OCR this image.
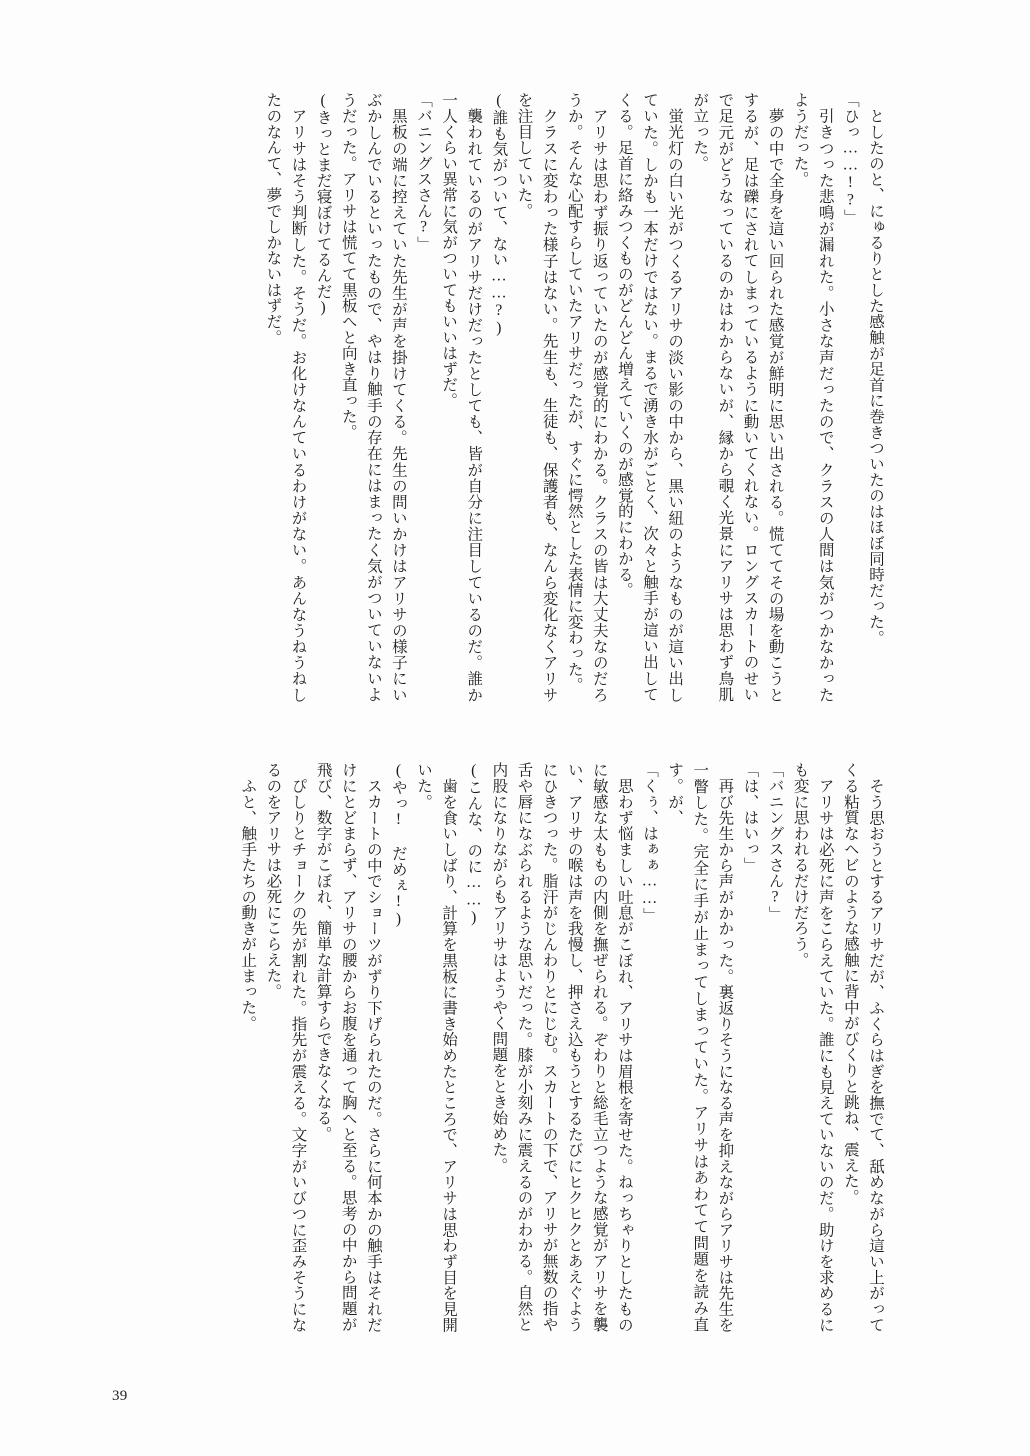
としたのと、にゅるりとした感触が足首に巻きついたのはほぼ同時だった。

「ひっ……!?」

引きつった悲鳴が漏れた。小さな声だったので、クラスの人間は気がつかなかったようだった。

夢の中で全身を這い回られた感覚が鮮明に思い出される。慌ててその場を動こうとするが、足は礫にされてしまっているように動いてくれない。ロングスカートのせいで足元がどうなっているのかはわからないが、縁から覗く光景にアリサは思わず鳥肌が立った。

蛍光灯の白い光がつくるアリサの淡い影の中から、黒い紐のようなものが這い出していた。しかも一本だけではない。まるで湧き水がごとく、次々と触手が這い出してくる。足首に絡みつくものがどんどん増えていくのが感覚的にわかる。

アリサは思わず振り返っていたのが感覚的にわかる。クラスの皆は大丈夫なのだろうか。そんな心配すらしていたアリサだったが、すぐに愕然とした表情に変わった。

クラスに変わった様子はない。先生も、生徒も、保護者も、なんら変化なくアリサを注目していた。

(誰も気がついて、ない……?)

襲われているのがアリサだけだったとしても、皆が自分に注目しているのだ。誰か一人くらい異常に気がついてもいいはずだ。

「バニングスさん?」

黒板の端に控えていた先生が声を掛けてくる。先生の問いかけはアリサの様子にいぶかしんでいるといったもので、やはり触手の存在にはまったく気がついていないようだった。アリサは慌てて黒板へと向き直った。

(きっとまだ寝ぼけてるんだ)

アリサはそう判断した。そうだ。お化けなんているわけがない。あんなうねうねしたのなんて、夢でしかないはずだ。

そう思おうとするアリサだが、ふくらはぎを撫でて、舐めながら這い上がってくる粘質なヘビのような感触に背中がびくりと跳ね、震えた。

アリサは必死に声をこらえていた。誰にも見えていないのだ。助けを求めるにも変に思われるだけだろう。

「バニングスさん?」

「は、はいっ」

再び先生から声がかかった。裏返りそうになる声を抑えながらアリサは先生を一瞥した。完全に手が止まってしまっていた。アリサはあわてて問題を読み直す。が、

「くぅ、はぁぁ……」

思わず悩ましい吐息がこぼれ、アリサは眉根を寄せた。ねっちゃりとしたものに敏感な太ももの内側を撫ぜられる。ぞわりと総毛立つような感覚がアリサを襲い、アリサの喉は声を我慢し、押さえ込もうとするたびにヒクヒクとあえぐようにひきつった。脂汗がじんわりとにじむ。スカートの下で、アリサが無数の指や舌や唇になぶられるような思いだった。膝が小刻みに震えるのがわかる。自然と内股になりながらもアリサはようやく問題をとき始めた。

(こんな、のに……)

歯を食いしばり、計算を黒板に書き始めたところで、アリサは思わず目を見開いた。

(やっ! だめぇ!)

スカートの中でショーツがずり下げられたのだ。さらに何本かの触手はそれだけにとどまらず、アリサの腰からお腹を通って胸へと至る。思考の中から問題が飛び、数字がこぼれ、簡単な計算すらできなくなる。

ぴしりとチョークの先が割れた。指先が震える。文字がいびつに歪みそうになるのをアリサは必死にこらえた。

ふと、触手たちの動きが止まった。

39
